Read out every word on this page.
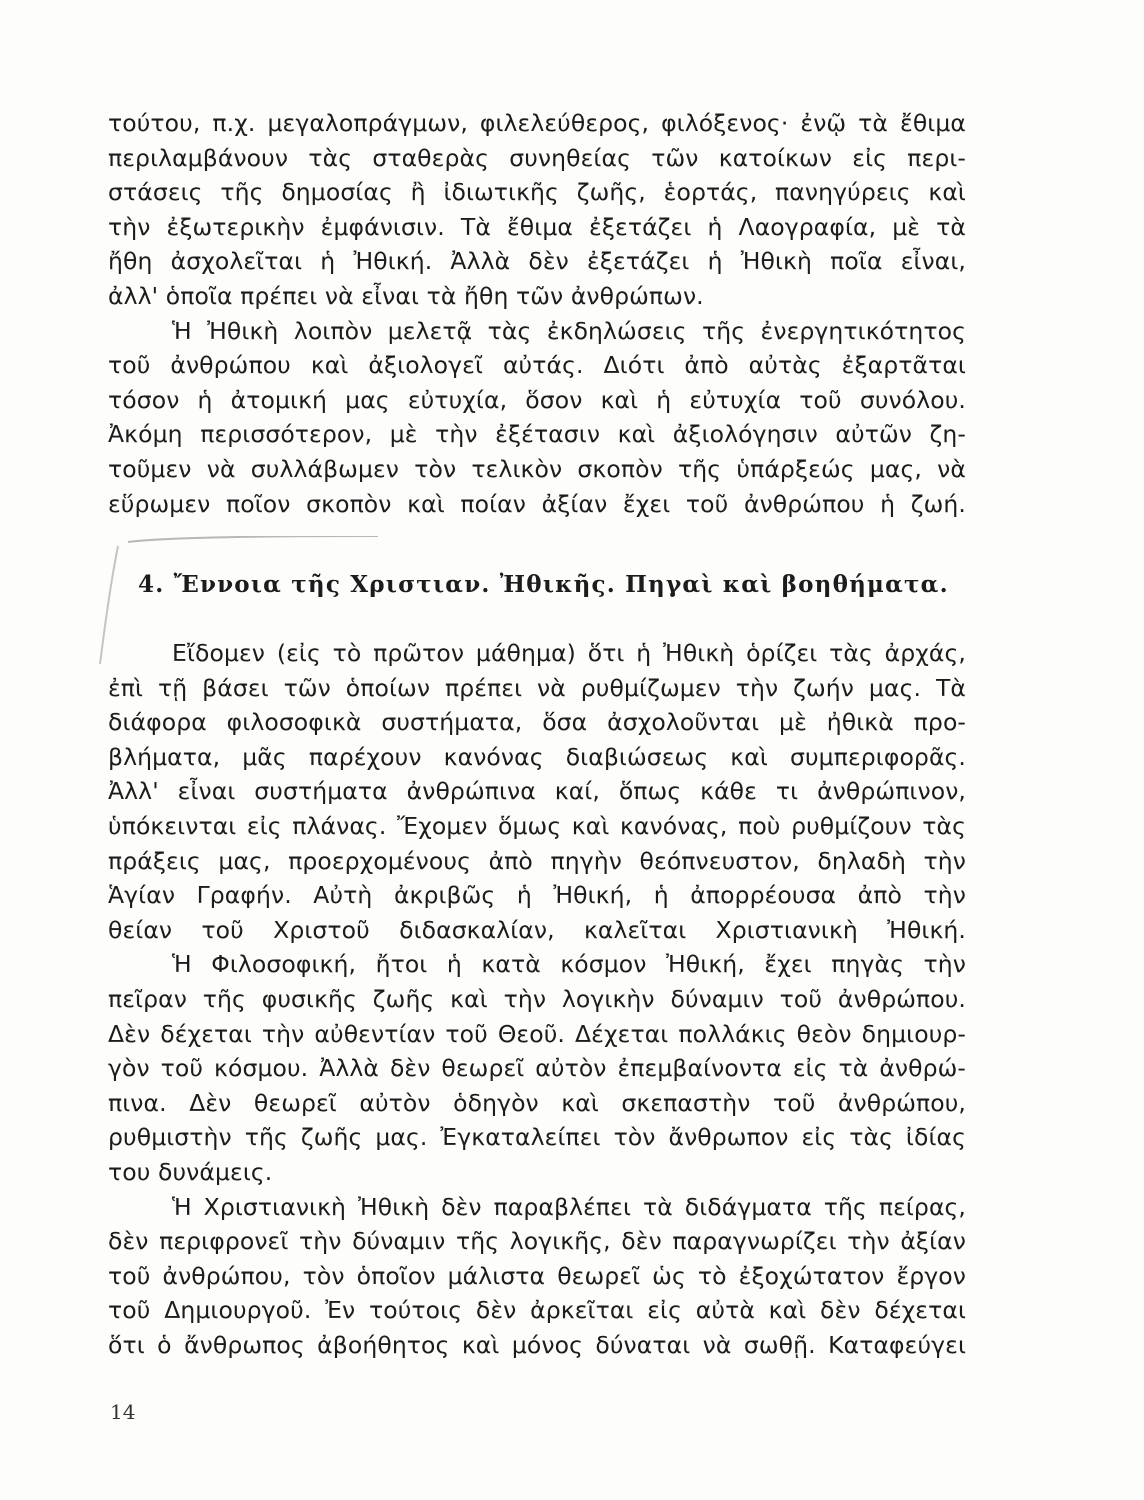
τούτου, π.χ. μεγαλοπράγμων, φιλελεύθερος, φιλόξενος· ἐνῷ τὰ ἔθιμα
περιλαμβάνουν τὰς σταθερὰς συνηθείας τῶν κατοίκων εἰς περι-
στάσεις τῆς δημοσίας ἢ ἰδιωτικῆς ζωῆς, ἑορτάς, πανηγύρεις καὶ
τὴν ἐξωτερικὴν ἐμφάνισιν. Τὰ ἔθιμα ἐξετάζει ἡ Λαογραφία, μὲ τὰ
ἤθη ἀσχολεῖται ἡ Ἠθική. Ἀλλὰ δὲν ἐξετάζει ἡ Ἠθικὴ ποῖα εἶναι,
ἀλλ' ὁποῖα πρέπει νὰ εἶναι τὰ ἤθη τῶν ἀνθρώπων.
Ἡ Ἠθικὴ λοιπὸν μελετᾷ τὰς ἐκδηλώσεις τῆς ἐνεργητικότητος
τοῦ ἀνθρώπου καὶ ἀξιολογεῖ αὐτάς. Διότι ἀπὸ αὐτὰς ἐξαρτᾶται
τόσον ἡ ἀτομική μας εὐτυχία, ὅσον καὶ ἡ εὐτυχία τοῦ συνόλου.
Ἀκόμη περισσότερον, μὲ τὴν ἐξέτασιν καὶ ἀξιολόγησιν αὐτῶν ζη-
τοῦμεν νὰ συλλάβωμεν τὸν τελικὸν σκοπὸν τῆς ὑπάρξεώς μας, νὰ
εὕρωμεν ποῖον σκοπὸν καὶ ποίαν ἀξίαν ἔχει τοῦ ἀνθρώπου ἡ ζωή.
4. Ἔννοια τῆς Χριστιαν. Ἠθικῆς. Πηγαὶ καὶ βοηθήματα.
Εἴδομεν (εἰς τὸ πρῶτον μάθημα) ὅτι ἡ Ἠθικὴ ὁρίζει τὰς ἀρχάς,
ἐπὶ τῇ βάσει τῶν ὁποίων πρέπει νὰ ρυθμίζωμεν τὴν ζωήν μας. Τὰ
διάφορα φιλοσοφικὰ συστήματα, ὅσα ἀσχολοῦνται μὲ ἠθικὰ προ-
βλήματα, μᾶς παρέχουν κανόνας διαβιώσεως καὶ συμπεριφορᾶς.
Ἀλλ' εἶναι συστήματα ἀνθρώπινα καί, ὅπως κάθε τι ἀνθρώπινον,
ὑπόκεινται εἰς πλάνας. Ἔχομεν ὅμως καὶ κανόνας, ποὺ ρυθμίζουν τὰς
πράξεις μας, προερχομένους ἀπὸ πηγὴν θεόπνευστον, δηλαδὴ τὴν
Ἁγίαν Γραφήν. Αὐτὴ ἀκριβῶς ἡ Ἠθική, ἡ ἀπορρέουσα ἀπὸ τὴν
θείαν τοῦ Χριστοῦ διδασκαλίαν, καλεῖται Χριστιανικὴ Ἠθική.
Ἡ Φιλοσοφική, ἤτοι ἡ κατὰ κόσμον Ἠθική, ἔχει πηγὰς τὴν
πεῖραν τῆς φυσικῆς ζωῆς καὶ τὴν λογικὴν δύναμιν τοῦ ἀνθρώπου.
Δὲν δέχεται τὴν αὐθεντίαν τοῦ Θεοῦ. Δέχεται πολλάκις θεὸν δημιουρ-
γὸν τοῦ κόσμου. Ἀλλὰ δὲν θεωρεῖ αὐτὸν ἐπεμβαίνοντα εἰς τὰ ἀνθρώ-
πινα. Δὲν θεωρεῖ αὐτὸν ὁδηγὸν καὶ σκεπαστὴν τοῦ ἀνθρώπου,
ρυθμιστὴν τῆς ζωῆς μας. Ἐγκαταλείπει τὸν ἄνθρωπον εἰς τὰς ἰδίας
του δυνάμεις.
Ἡ Χριστιανικὴ Ἠθικὴ δὲν παραβλέπει τὰ διδάγματα τῆς πείρας,
δὲν περιφρονεῖ τὴν δύναμιν τῆς λογικῆς, δὲν παραγνωρίζει τὴν ἀξίαν
τοῦ ἀνθρώπου, τὸν ὁποῖον μάλιστα θεωρεῖ ὡς τὸ ἐξοχώτατον ἔργον
τοῦ Δημιουργοῦ. Ἐν τούτοις δὲν ἀρκεῖται εἰς αὐτὰ καὶ δὲν δέχεται
ὅτι ὁ ἄνθρωπος ἀβοήθητος καὶ μόνος δύναται νὰ σωθῇ. Καταφεύγει
14
